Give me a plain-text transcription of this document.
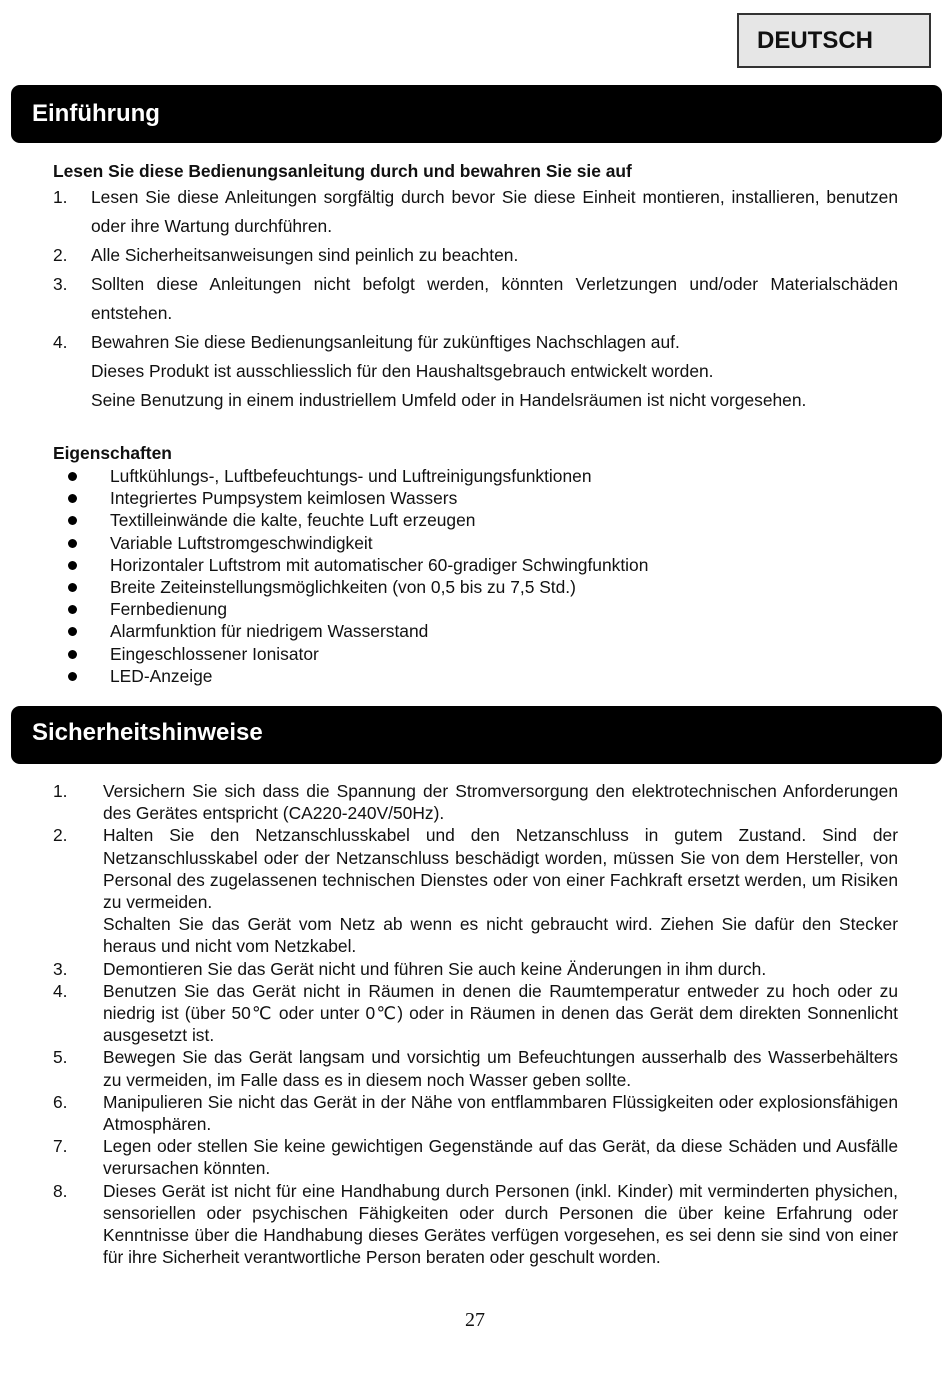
DEUTSCH
Einführung
Lesen Sie diese Bedienungsanleitung durch und bewahren Sie sie auf
1. Lesen Sie diese Anleitungen sorgfältig durch bevor Sie diese Einheit montieren, installieren, benutzen oder ihre Wartung durchführen.
2. Alle Sicherheitsanweisungen sind peinlich zu beachten.
3. Sollten diese Anleitungen nicht befolgt werden, könnten Verletzungen und/oder Materialschäden entstehen.
4. Bewahren Sie diese Bedienungsanleitung für zukünftiges Nachschlagen auf.
Dieses Produkt ist ausschliesslich für den Haushaltsgebrauch entwickelt worden.
Seine Benutzung in einem industriellem Umfeld oder in Handelsräumen ist nicht vorgesehen.
Eigenschaften
Luftkühlungs-, Luftbefeuchtungs- und Luftreinigungsfunktionen
Integriertes Pumpsystem keimlosen Wassers
Textilleinwände die kalte, feuchte Luft erzeugen
Variable Luftstromgeschwindigkeit
Horizontaler Luftstrom mit automatischer 60-gradiger Schwingfunktion
Breite Zeiteinstellungsmöglichkeiten (von 0,5 bis zu 7,5 Std.)
Fernbedienung
Alarmfunktion für niedrigem Wasserstand
Eingeschlossener Ionisator
LED-Anzeige
Sicherheitshinweise
1. Versichern Sie sich dass die Spannung der Stromversorgung den elektrotechnischen Anforderungen des Gerätes entspricht (CA220-240V/50Hz).
2. Halten Sie den Netzanschlusskabel und den Netzanschluss in gutem Zustand. Sind der Netzanschlusskabel oder der Netzanschluss beschädigt worden, müssen Sie von dem Hersteller, von Personal des zugelassenen technischen Dienstes oder von einer Fachkraft ersetzt werden, um Risiken zu vermeiden.
Schalten Sie das Gerät vom Netz ab wenn es nicht gebraucht wird. Ziehen Sie dafür den Stecker heraus und nicht vom Netzkabel.
3. Demontieren Sie das Gerät nicht und führen Sie auch keine Änderungen in ihm durch.
4. Benutzen Sie das Gerät nicht in Räumen in denen die Raumtemperatur entweder zu hoch oder zu niedrig ist (über 50℃ oder unter 0℃) oder in Räumen in denen das Gerät dem direkten Sonnenlicht ausgesetzt ist.
5. Bewegen Sie das Gerät langsam und vorsichtig um Befeuchtungen ausserhalb des Wasserbehälters zu vermeiden, im Falle dass es in diesem noch Wasser geben sollte.
6. Manipulieren Sie nicht das Gerät in der Nähe von entflammbaren Flüssigkeiten oder explosionsfähigen Atmosphären.
7. Legen oder stellen Sie keine gewichtigen Gegenstände auf das Gerät, da diese Schäden und Ausfälle verursachen könnten.
8. Dieses Gerät ist nicht für eine Handhabung durch Personen (inkl. Kinder) mit verminderten physichen, sensoriellen oder psychischen Fähigkeiten oder durch Personen die über keine Erfahrung oder Kenntnisse über die Handhabung dieses Gerätes verfügen vorgesehen, es sei denn sie sind von einer für ihre Sicherheit verantwortliche Person beraten oder geschult worden.
27
